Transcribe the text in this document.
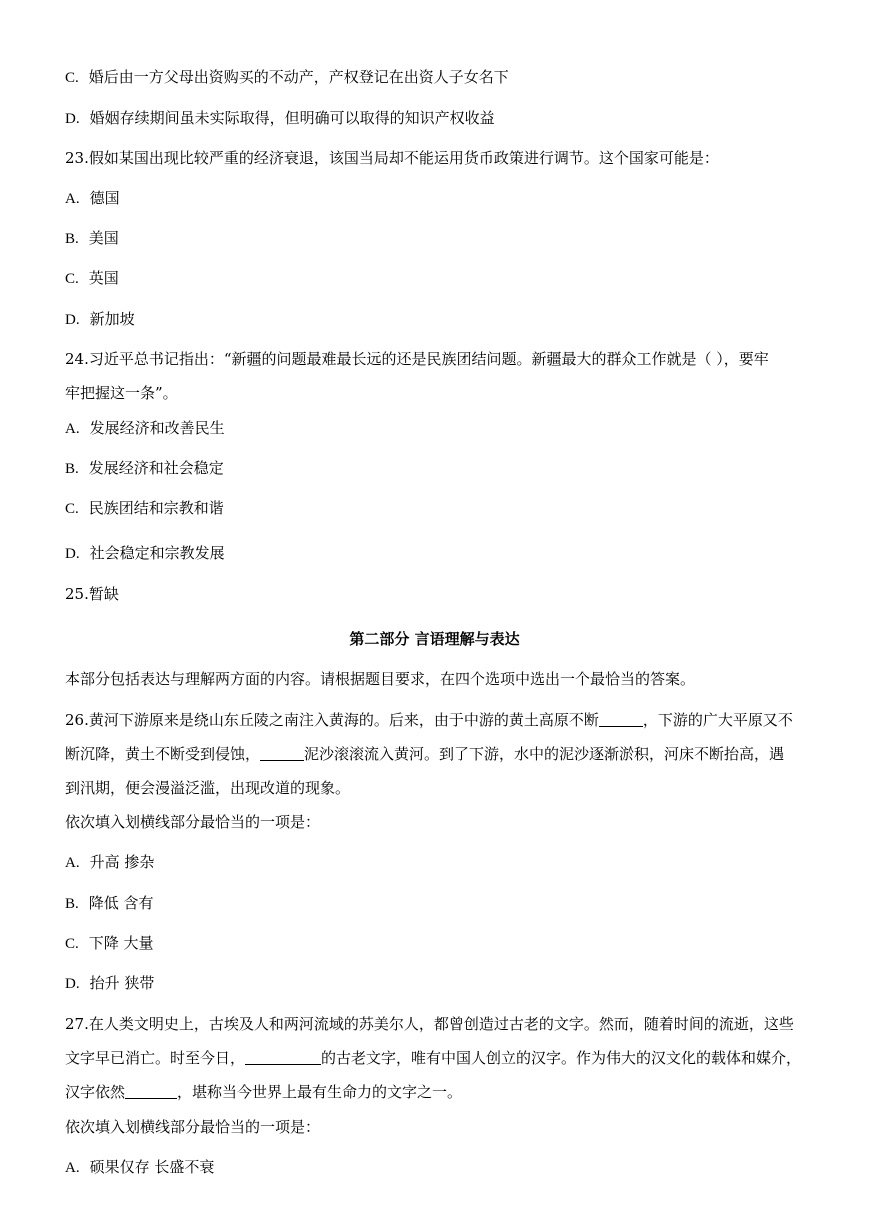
C. 婚后由一方父母出资购买的不动产，产权登记在出资人子女名下
D. 婚姻存续期间虽未实际取得，但明确可以取得的知识产权收益
23.假如某国出现比较严重的经济衰退，该国当局却不能运用货币政策进行调节。这个国家可能是：
A. 德国
B. 美国
C. 英国
D. 新加坡
24.习近平总书记指出：“新疆的问题最难最长远的还是民族团结问题。新疆最大的群众工作就是（ ），要牢
牢把握这一条”。
A. 发展经济和改善民生
B. 发展经济和社会稳定
C. 民族团结和宗教和谐
D. 社会稳定和宗教发展
25.暂缺
第二部分 言语理解与表达
本部分包括表达与理解两方面的内容。请根据题目要求，在四个选项中选出一个最恰当的答案。
26.黄河下游原来是绕山东丘陵之南注入黄海的。后来，由于中游的黄土高原不断	，下游的广大平原又不
断沉降，黄土不断受到侵蚀，	泥沙滚滚流入黄河。到了下游，水中的泥沙逐渐淤积，河床不断抬高，遇
到汛期，便会漫溢泛滥，出现改道的现象。
依次填入划横线部分最恰当的一项是：
A. 升高 掺杂
B. 降低 含有
C. 下降 大量
D. 抬升 狭带
27.在人类文明史上，古埃及人和两河流域的苏美尔人，都曾创造过古老的文字。然而，随着时间的流逝，这些
文字早已消亡。时至今日，	的古老文字，唯有中国人创立的汉字。作为伟大的汉文化的载体和媒介，
汉字依然	，堪称当今世界上最有生命力的文字之一。
依次填入划横线部分最恰当的一项是：
A. 硕果仅存 长盛不衰
